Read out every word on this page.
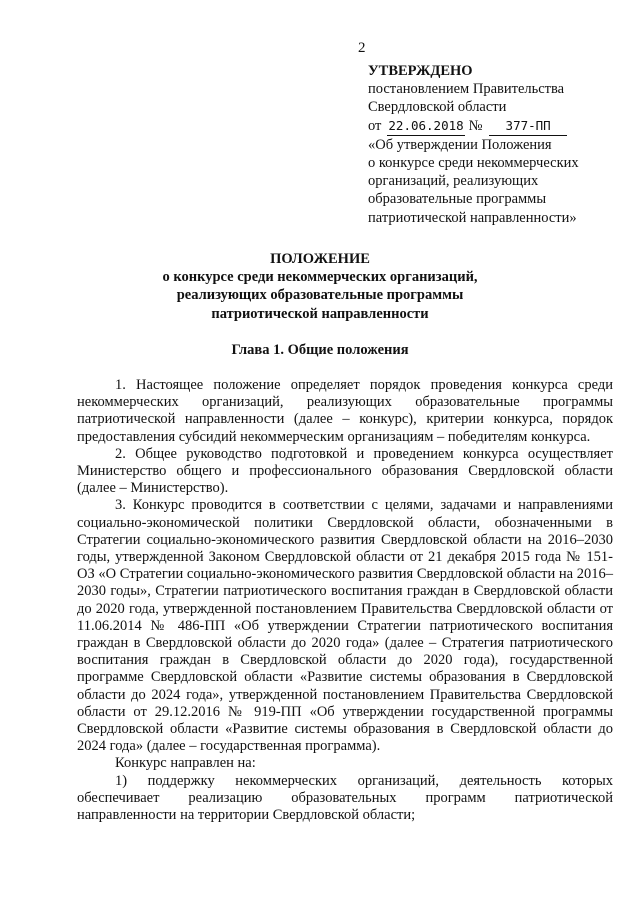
2
УТВЕРЖДЕНО
постановлением Правительства
Свердловской области
от 22.06.2018 № 377-ПП
«Об утверждении Положения
о конкурсе среди некоммерческих
организаций, реализующих
образовательные программы
патриотической направленности»
ПОЛОЖЕНИЕ
о конкурсе среди некоммерческих организаций,
реализующих образовательные программы
патриотической направленности
Глава 1. Общие положения

1. Настоящее положение определяет порядок проведения конкурса среди некоммерческих организаций, реализующих образовательные программы патриотической направленности (далее – конкурс), критерии конкурса, порядок предоставления субсидий некоммерческим организациям – победителям конкурса.

2. Общее руководство подготовкой и проведением конкурса осуществляет Министерство общего и профессионального образования Свердловской области (далее – Министерство).

3. Конкурс проводится в соответствии с целями, задачами и направлениями социально-экономической политики Свердловской области, обозначенными в Стратегии социально-экономического развития Свердловской области на 2016–2030 годы, утвержденной Законом Свердловской области от 21 декабря 2015 года № 151-ОЗ «О Стратегии социально-экономического развития Свердловской области на 2016–2030 годы», Стратегии патриотического воспитания граждан в Свердловской области до 2020 года, утвержденной постановлением Правительства Свердловской области от 11.06.2014 № 486-ПП «Об утверждении Стратегии патриотического воспитания граждан в Свердловской области до 2020 года» (далее – Стратегия патриотического воспитания граждан в Свердловской области до 2020 года), государственной программе Свердловской области «Развитие системы образования в Свердловской области до 2024 года», утвержденной постановлением Правительства Свердловской области от 29.12.2016 № 919-ПП «Об утверждении государственной программы Свердловской области «Развитие системы образования в Свердловской области до 2024 года» (далее – государственная программа).

Конкурс направлен на:

1) поддержку некоммерческих организаций, деятельность которых обеспечивает реализацию образовательных программ патриотической направленности на территории Свердловской области;
